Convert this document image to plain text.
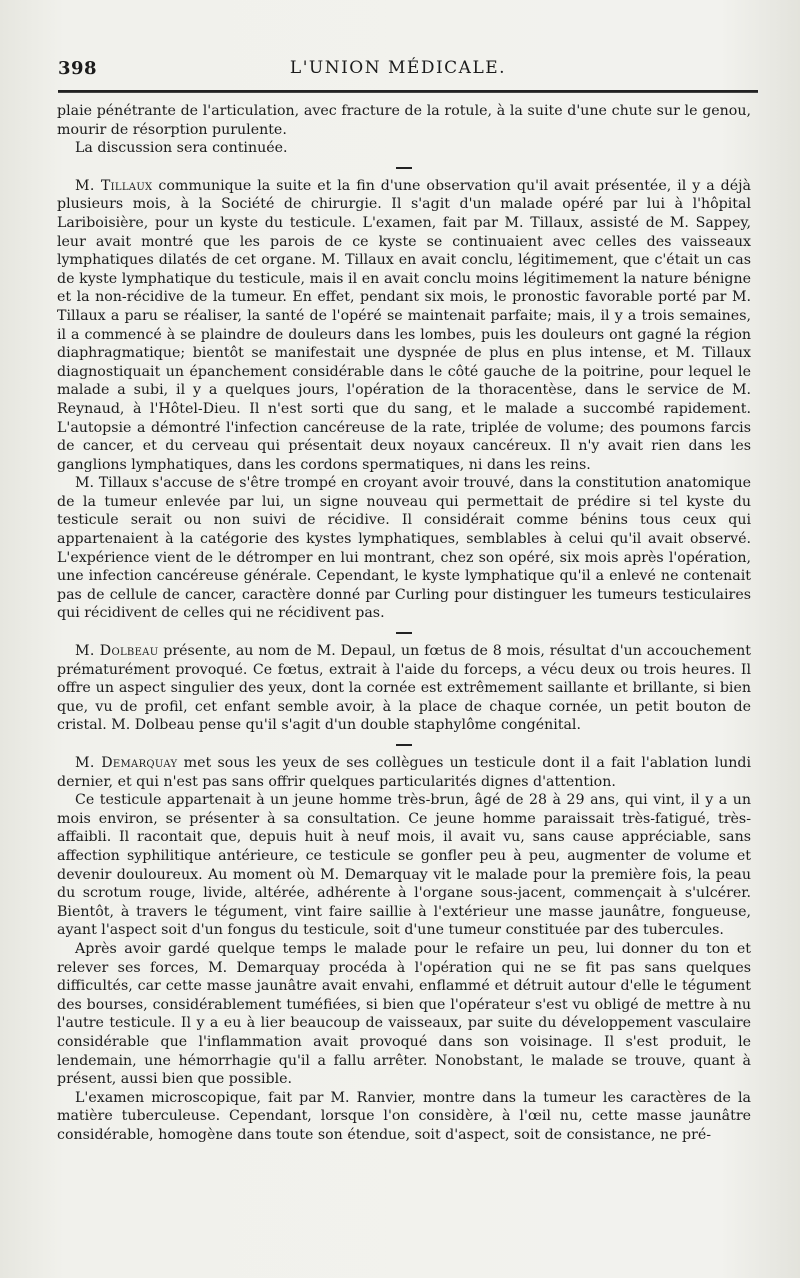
398	L'UNION MÉDICALE.

plaie pénétrante de l'articulation, avec fracture de la rotule, à la suite d'une chute sur le genou, mourir de résorption purulente.

La discussion sera continuée.

M. Tillaux communique la suite et la fin d'une observation qu'il avait présentée, il y a déjà plusieurs mois, à la Société de chirurgie. Il s'agit d'un malade opéré par lui à l'hôpital Lariboisière, pour un kyste du testicule. L'examen, fait par M. Tillaux, assisté de M. Sappey, leur avait montré que les parois de ce kyste se continuaient avec celles des vaisseaux lymphatiques dilatés de cet organe. M. Tillaux en avait conclu, légitimement, que c'était un cas de kyste lymphatique du testicule, mais il en avait conclu moins légitimement la nature bénigne et la non-récidive de la tumeur. En effet, pendant six mois, le pronostic favorable porté par M. Tillaux a paru se réaliser, la santé de l'opéré se maintenait parfaite; mais, il y a trois semaines, il a commencé à se plaindre de douleurs dans les lombes, puis les douleurs ont gagné la région diaphragmatique; bientôt se manifestait une dyspnée de plus en plus intense, et M. Tillaux diagnostiquait un épanchement considérable dans le côté gauche de la poitrine, pour lequel le malade a subi, il y a quelques jours, l'opération de la thoracentèse, dans le service de M. Reynaud, à l'Hôtel-Dieu. Il n'est sorti que du sang, et le malade a succombé rapidement. L'autopsie a démontré l'infection cancéreuse de la rate, triplée de volume; des poumons farcis de cancer, et du cerveau qui présentait deux noyaux cancéreux. Il n'y avait rien dans les ganglions lymphatiques, dans les cordons spermatiques, ni dans les reins.

M. Tillaux s'accuse de s'être trompé en croyant avoir trouvé, dans la constitution anatomique de la tumeur enlevée par lui, un signe nouveau qui permettait de prédire si tel kyste du testicule serait ou non suivi de récidive. Il considérait comme bénins tous ceux qui appartenaient à la catégorie des kystes lymphatiques, semblables à celui qu'il avait observé. L'expérience vient de le détromper en lui montrant, chez son opéré, six mois après l'opération, une infection cancéreuse générale. Cependant, le kyste lymphatique qu'il a enlevé ne contenait pas de cellule de cancer, caractère donné par Curling pour distinguer les tumeurs testiculaires qui récidivent de celles qui ne récidivent pas.

M. Dolbeau présente, au nom de M. Depaul, un fœtus de 8 mois, résultat d'un accouchement prématurément provoqué. Ce fœtus, extrait à l'aide du forceps, a vécu deux ou trois heures. Il offre un aspect singulier des yeux, dont la cornée est extrêmement saillante et brillante, si bien que, vu de profil, cet enfant semble avoir, à la place de chaque cornée, un petit bouton de cristal. M. Dolbeau pense qu'il s'agit d'un double staphylôme congénital.

M. Demarquay met sous les yeux de ses collègues un testicule dont il a fait l'ablation lundi dernier, et qui n'est pas sans offrir quelques particularités dignes d'attention.

Ce testicule appartenait à un jeune homme très-brun, âgé de 28 à 29 ans, qui vint, il y a un mois environ, se présenter à sa consultation. Ce jeune homme paraissait très-fatigué, très-affaibli. Il racontait que, depuis huit à neuf mois, il avait vu, sans cause appréciable, sans affection syphilitique antérieure, ce testicule se gonfler peu à peu, augmenter de volume et devenir douloureux. Au moment où M. Demarquay vit le malade pour la première fois, la peau du scrotum rouge, livide, altérée, adhérente à l'organe sous-jacent, commençait à s'ulcérer. Bientôt, à travers le tégument, vint faire saillie à l'extérieur une masse jaunâtre, fongueuse, ayant l'aspect soit d'un fongus du testicule, soit d'une tumeur constituée par des tubercules.

Après avoir gardé quelque temps le malade pour le refaire un peu, lui donner du ton et relever ses forces, M. Demarquay procéda à l'opération qui ne se fit pas sans quelques difficultés, car cette masse jaunâtre avait envahi, enflammé et détruit autour d'elle le tégument des bourses, considérablement tuméfiées, si bien que l'opérateur s'est vu obligé de mettre à nu l'autre testicule. Il y a eu à lier beaucoup de vaisseaux, par suite du développement vasculaire considérable que l'inflammation avait provoqué dans son voisinage. Il s'est produit, le lendemain, une hémorrhagie qu'il a fallu arrêter. Nonobstant, le malade se trouve, quant à présent, aussi bien que possible.

L'examen microscopique, fait par M. Ranvier, montre dans la tumeur les caractères de la matière tuberculeuse. Cependant, lorsque l'on considère, à l'œil nu, cette masse jaunâtre considérable, homogène dans toute son étendue, soit d'aspect, soit de consistance, ne pré-
